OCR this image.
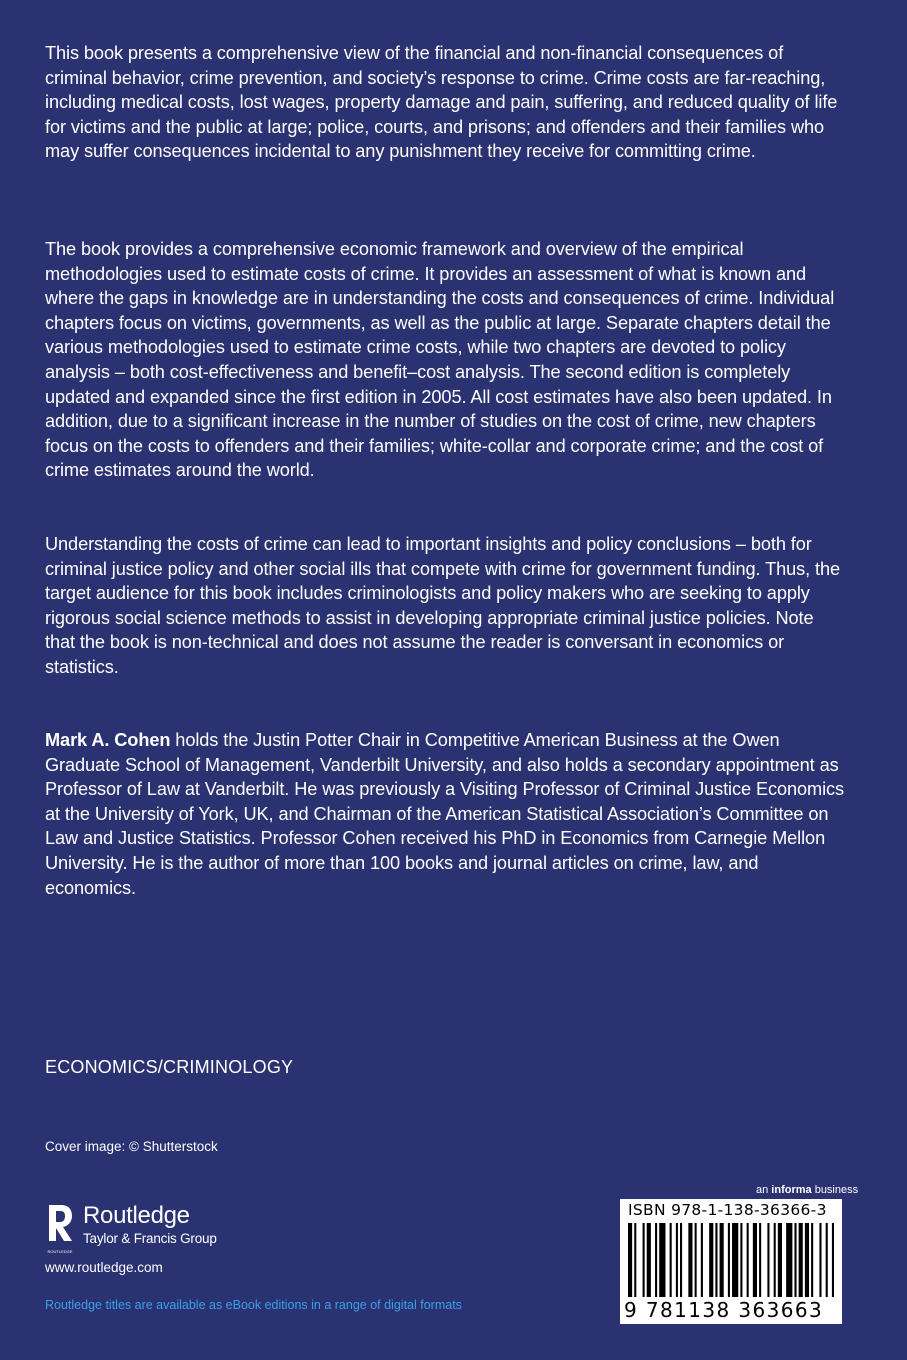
This book presents a comprehensive view of the financial and non-financial consequences of criminal behavior, crime prevention, and society’s response to crime. Crime costs are far-reaching, including medical costs, lost wages, property damage and pain, suffering, and reduced quality of life for victims and the public at large; police, courts, and prisons; and offenders and their families who may suffer consequences incidental to any punishment they receive for committing crime.

The book provides a comprehensive economic framework and overview of the empirical methodologies used to estimate costs of crime. It provides an assessment of what is known and where the gaps in knowledge are in understanding the costs and consequences of crime. Individual chapters focus on victims, governments, as well as the public at large. Separate chapters detail the various methodologies used to estimate crime costs, while two chapters are devoted to policy analysis – both cost-effectiveness and benefit–cost analysis. The second edition is completely updated and expanded since the first edition in 2005. All cost estimates have also been updated. In addition, due to a significant increase in the number of studies on the cost of crime, new chapters focus on the costs to offenders and their families; white-collar and corporate crime; and the cost of crime estimates around the world.

Understanding the costs of crime can lead to important insights and policy conclusions – both for criminal justice policy and other social ills that compete with crime for government funding. Thus, the target audience for this book includes criminologists and policy makers who are seeking to apply rigorous social science methods to assist in developing appropriate criminal justice policies. Note that the book is non-technical and does not assume the reader is conversant in economics or statistics.

Mark A. Cohen holds the Justin Potter Chair in Competitive American Business at the Owen Graduate School of Management, Vanderbilt University, and also holds a secondary appointment as Professor of Law at Vanderbilt. He was previously a Visiting Professor of Criminal Justice Economics at the University of York, UK, and Chairman of the American Statistical Association’s Committee on Law and Justice Statistics. Professor Cohen received his PhD in Economics from Carnegie Mellon University. He is the author of more than 100 books and journal articles on crime, law, and economics.

ECONOMICS/CRIMINOLOGY
Cover image: © Shutterstock
ROUTLEDGE
Routledge
Taylor & Francis Group
www.routledge.com
Routledge titles are available as eBook editions in a range of digital formats
an informa business
ISBN 978-1-138-36366-3
9 781138 363663
